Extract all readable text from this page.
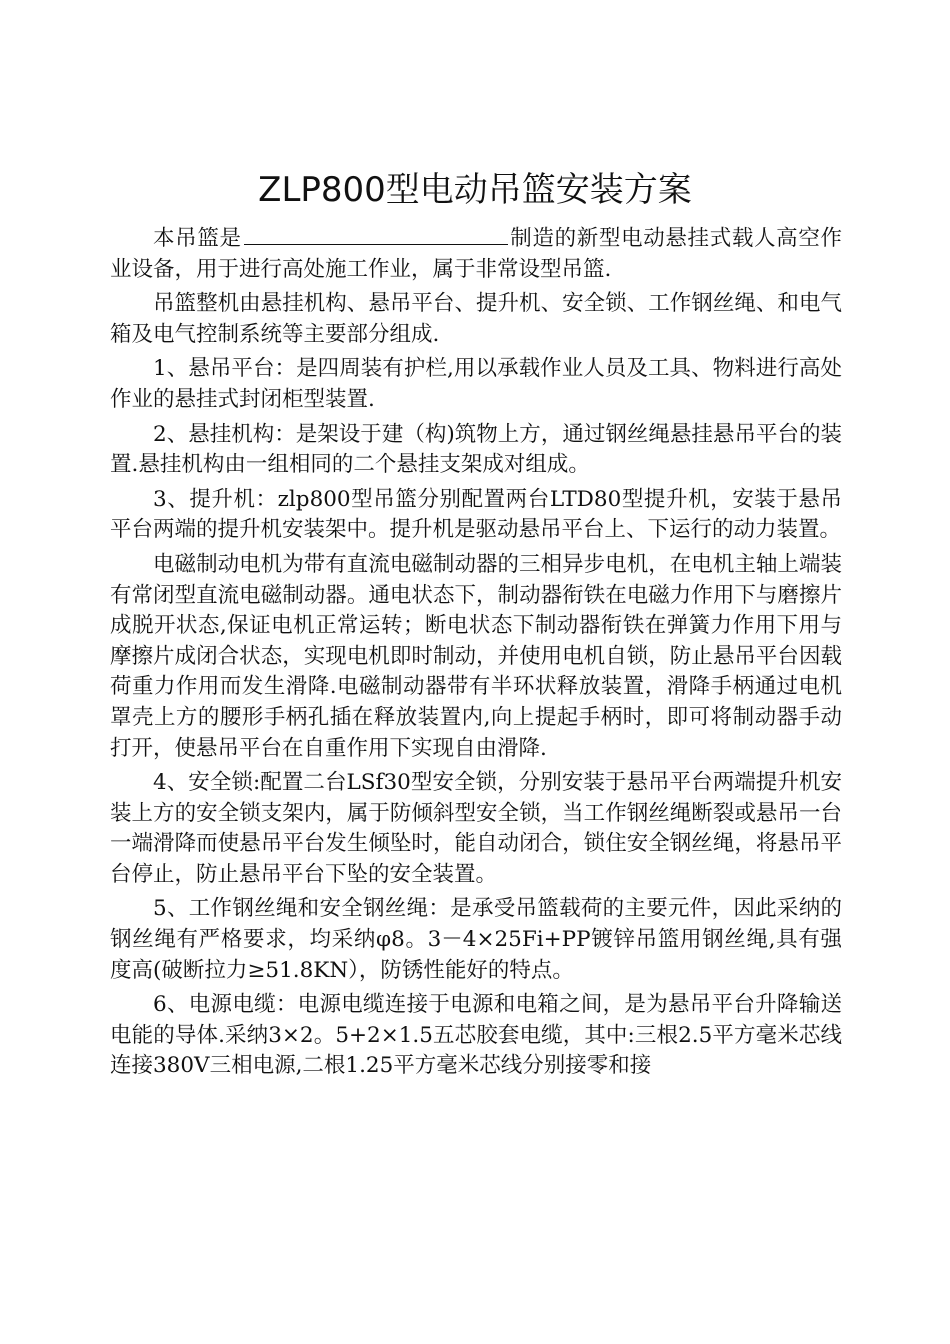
ZLP800型电动吊篮安装方案

本吊篮是	制造的新型电动悬挂式载人高空作业设备，用于进行高处施工作业，属于非常设型吊篮.

吊篮整机由悬挂机构、悬吊平台、提升机、安全锁、工作钢丝绳、和电气箱及电气控制系统等主要部分组成.

1、悬吊平台：是四周装有护栏,用以承载作业人员及工具、物料进行高处作业的悬挂式封闭柜型装置.

2、悬挂机构：是架设于建（构)筑物上方，通过钢丝绳悬挂悬吊平台的装置.悬挂机构由一组相同的二个悬挂支架成对组成。

3、提升机：zlp800型吊篮分别配置两台LTD80型提升机，安装于悬吊平台两端的提升机安装架中。提升机是驱动悬吊平台上、下运行的动力装置。

电磁制动电机为带有直流电磁制动器的三相异步电机，在电机主轴上端装有常闭型直流电磁制动器。通电状态下，制动器衔铁在电磁力作用下与磨擦片成脱开状态,保证电机正常运转；断电状态下制动器衔铁在弹簧力作用下用与摩擦片成闭合状态，实现电机即时制动，并使用电机自锁，防止悬吊平台因载荷重力作用而发生滑降.电磁制动器带有半环状释放装置，滑降手柄通过电机罩壳上方的腰形手柄孔插在释放装置内,向上提起手柄时，即可将制动器手动打开，使悬吊平台在自重作用下实现自由滑降.

4、安全锁:配置二台LSf30型安全锁，分别安装于悬吊平台两端提升机安装上方的安全锁支架内，属于防倾斜型安全锁，当工作钢丝绳断裂或悬吊一台一端滑降而使悬吊平台发生倾坠时，能自动闭合，锁住安全钢丝绳，将悬吊平台停止，防止悬吊平台下坠的安全装置。

5、工作钢丝绳和安全钢丝绳：是承受吊篮载荷的主要元件，因此采纳的钢丝绳有严格要求，均采纳φ8。3－4×25Fi+PP镀锌吊篮用钢丝绳,具有强度高(破断拉力≥51.8KN），防锈性能好的特点。

6、电源电缆：电源电缆连接于电源和电箱之间，是为悬吊平台升降输送电能的导体.采纳3×2。5+2×1.5五芯胶套电缆，其中:三根2.5平方毫米芯线连接380V三相电源,二根1.25平方毫米芯线分别接零和接
